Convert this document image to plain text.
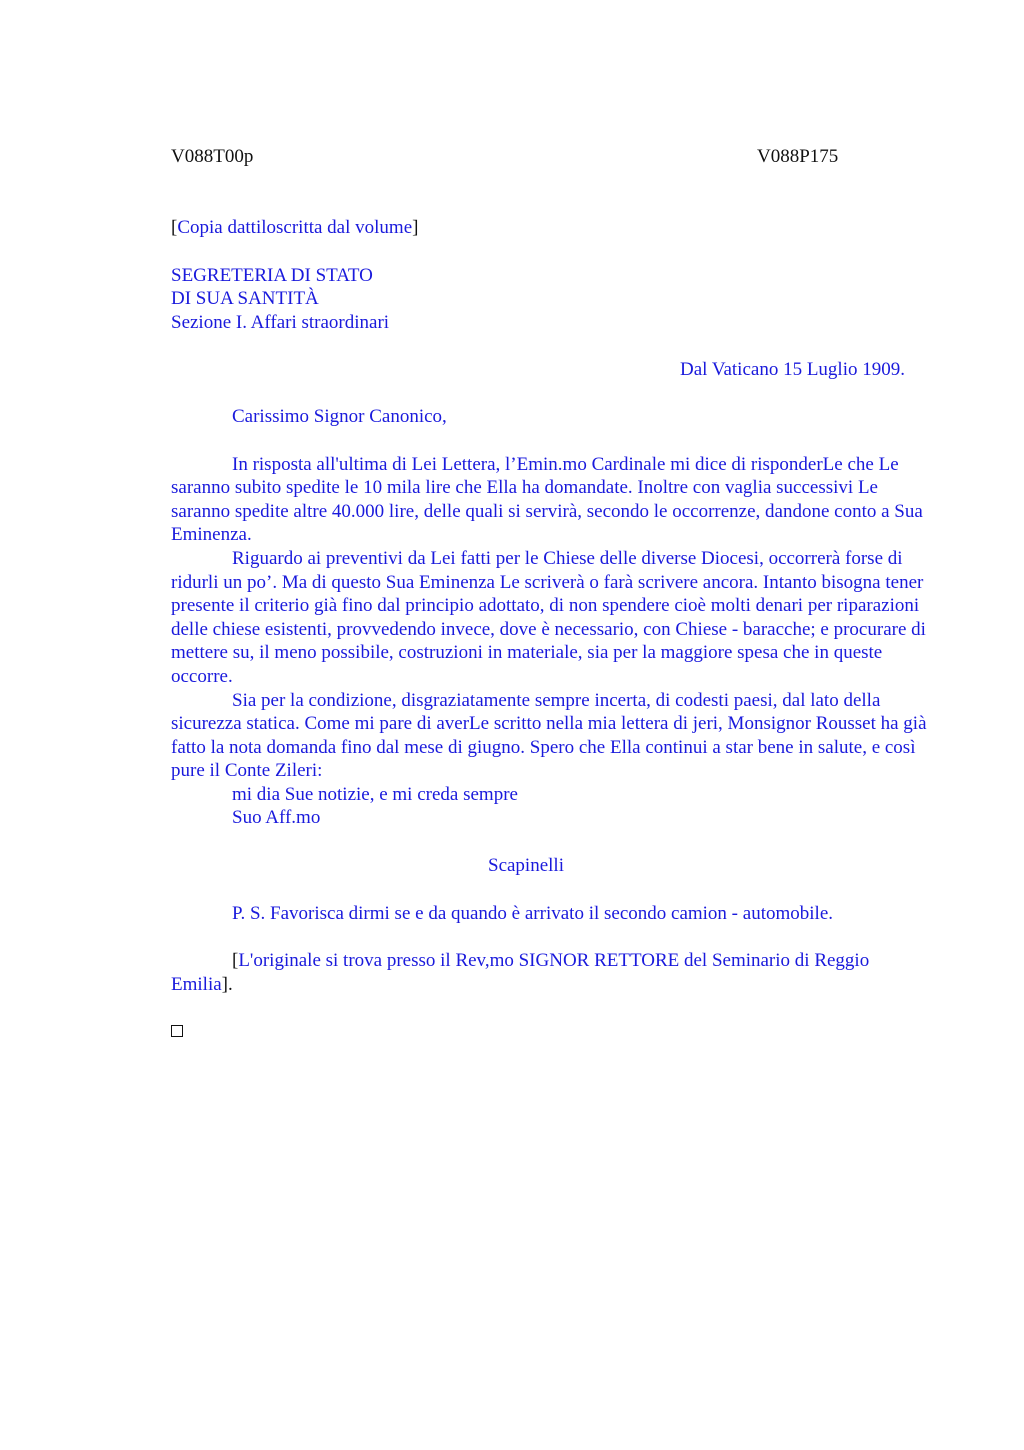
V088T00p	V088P175

[Copia dattiloscritta dal volume]

SEGRETERIA DI STATO
DI SUA SANTITÀ
Sezione I. Affari straordinari

Dal Vaticano 15 Luglio 1909.

Carissimo Signor Canonico,

In risposta all'ultima di Lei Lettera, l’Emin.mo Cardinale mi dice di risponderLe che Le saranno subito spedite le 10 mila lire che Ella ha domandate. Inoltre con vaglia successivi Le saranno spedite altre 40.000 lire, delle quali si servirà, secondo le occorrenze, dandone conto a Sua Eminenza.

Riguardo ai preventivi da Lei fatti per le Chiese delle diverse Diocesi, occorrerà forse di ridurli un po’. Ma di questo Sua Eminenza Le scriverà o farà scrivere ancora. Intanto bisogna tener presente il criterio già fino dal principio adottato, di non spendere cioè molti denari per riparazioni delle chiese esistenti, provvedendo invece, dove è necessario, con Chiese - baracche; e procurare di mettere su, il meno possibile, costruzioni in materiale, sia per la maggiore spesa che in queste occorre.

Sia per la condizione, disgraziatamente sempre incerta, di codesti paesi, dal lato della sicurezza statica. Come mi pare di averLe scritto nella mia lettera di jeri, Monsignor Rousset ha già fatto la nota domanda fino dal mese di giugno. Spero che Ella continui a star bene in salute, e così pure il Conte Zileri:

mi dia Sue notizie, e mi creda sempre
Suo Aff.mo

Scapinelli

P. S. Favorisca dirmi se e da quando è arrivato il secondo camion - automobile.

[L'originale si trova presso il Rev,mo SIGNOR RETTORE del Seminario di Reggio Emilia].
